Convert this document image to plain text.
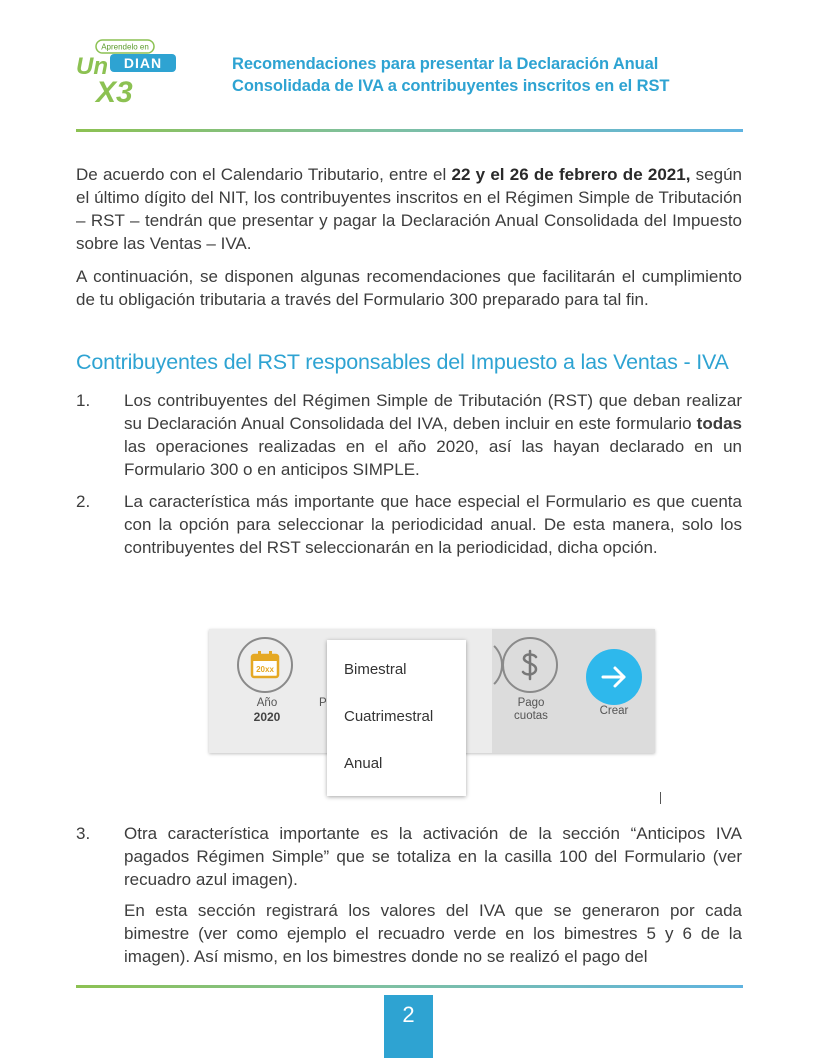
Aprendelo en
Un DIAN
X3
Recomendaciones para presentar la Declaración Anual
Consolidada de IVA a contribuyentes inscritos en el RST
De acuerdo con el Calendario Tributario, entre el 22 y el 26 de febrero de 2021, según el último dígito del NIT, los contribuyentes inscritos en el Régimen Simple de Tributación – RST – tendrán que presentar y pagar la Declaración Anual Consolidada del Impuesto sobre las Ventas – IVA.
A continuación, se disponen algunas recomendaciones que facilitarán el cumplimiento de tu obligación tributaria a través del Formulario 300 preparado para tal fin.
Contribuyentes del RST responsables del Impuesto a las Ventas - IVA
1. Los contribuyentes del Régimen Simple de Tributación (RST) que deban realizar su Declaración Anual Consolidada del IVA, deben incluir en este formulario todas las operaciones realizadas en el año 2020, así las hayan declarado en un Formulario 300 o en anticipos SIMPLE.
2. La característica más importante que hace especial el Formulario es que cuenta con la opción para seleccionar la periodicidad anual. De esta manera, solo los contribuyentes del RST seleccionarán en la periodicidad, dicha opción.
20xx
Año
2020
P	Pago
cuotas	Crear
Bimestral
Cuatrimestral
Anual
3. Otra característica importante es la activación de la sección “Anticipos IVA pagados Régimen Simple” que se totaliza en la casilla 100 del Formulario (ver recuadro azul imagen).
En esta sección registrará los valores del IVA que se generaron por cada bimestre (ver como ejemplo el recuadro verde en los bimestres 5 y 6 de la imagen). Así mismo, en los bimestres donde no se realizó el pago del
2
